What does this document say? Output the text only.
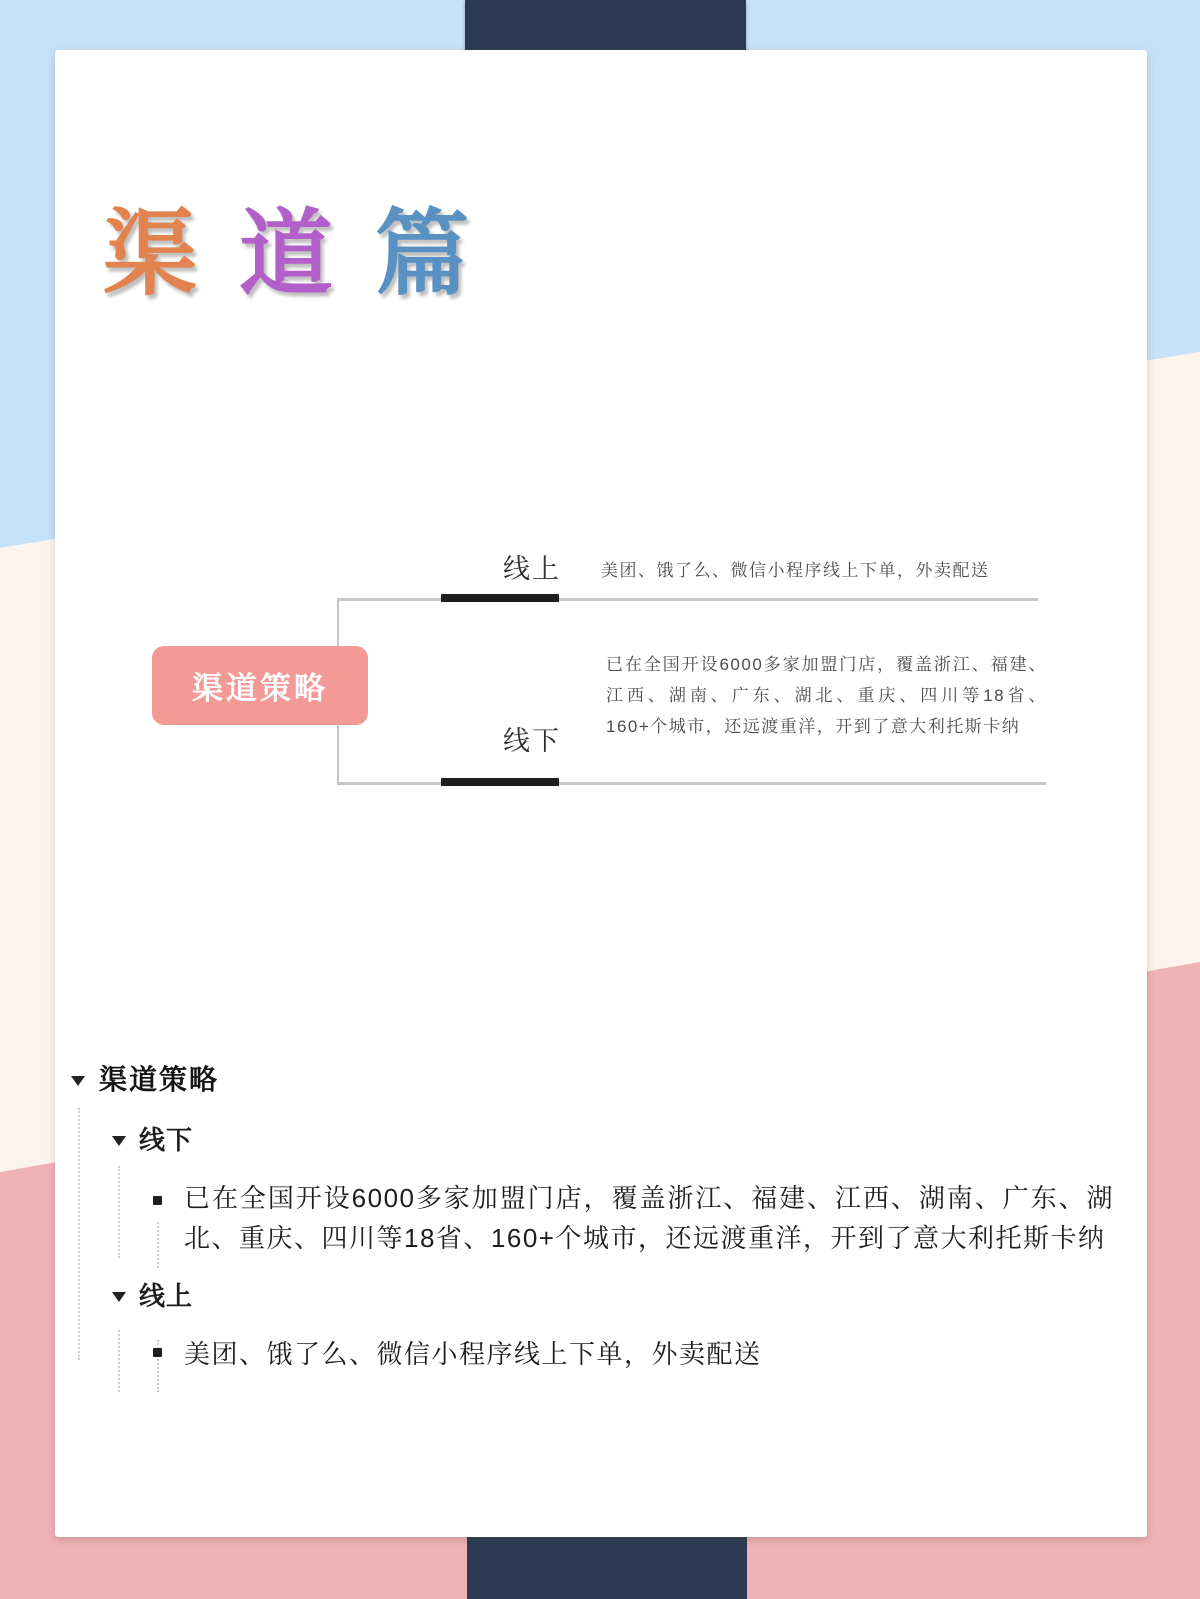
渠道篇
渠道策略
线上	美团、饿了么、微信小程序线上下单，外卖配送
线下
已在全国开设6000多家加盟门店，覆盖浙江、福建、江西、湖南、广东、湖北、重庆、四川等18省、160+个城市，还远渡重洋，开到了意大利托斯卡纳
渠道策略
线下
已在全国开设6000多家加盟门店，覆盖浙江、福建、江西、湖南、广东、湖北、重庆、四川等18省、160+个城市，还远渡重洋，开到了意大利托斯卡纳
线上
美团、饿了么、微信小程序线上下单，外卖配送
